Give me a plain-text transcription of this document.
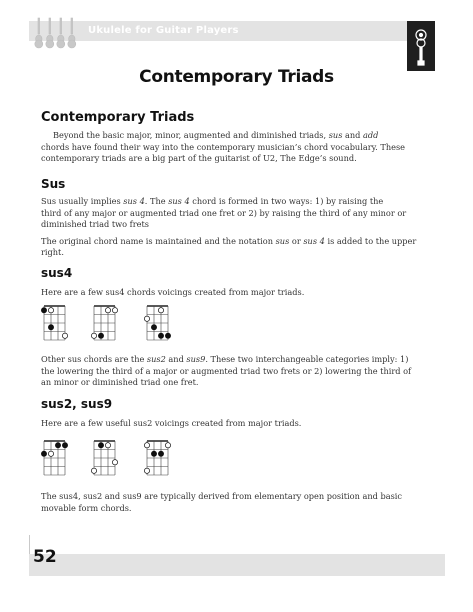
Ukulele for Guitar Players
Contemporary Triads
Contemporary Triads
Beyond the basic major, minor, augmented and diminished triads, sus and add
chords have found their way into the contemporary musician’s chord vocabulary. These
contemporary triads are a big part of the guitarist of U2, The Edge’s sound.
Sus
Sus usually implies sus 4. The sus 4 chord is formed in two ways: 1) by raising the
third of any major or augmented triad one fret or 2) by raising the third of any minor or
diminished triad two frets
The original chord name is maintained and the notation sus or sus 4 is added to the upper
right.
sus4
Here are a few sus4 chords voicings created from major triads.
Other sus chords are the sus2 and sus9. These two interchangeable categories imply: 1)
the lowering the third of a major or augmented triad two frets or 2) lowering the third of
an minor or diminished triad one fret.
sus2, sus9
Here are a few useful sus2 voicings created from major triads.
The sus4, sus2 and sus9 are typically derived from elementary open position and basic
movable form chords.
52
